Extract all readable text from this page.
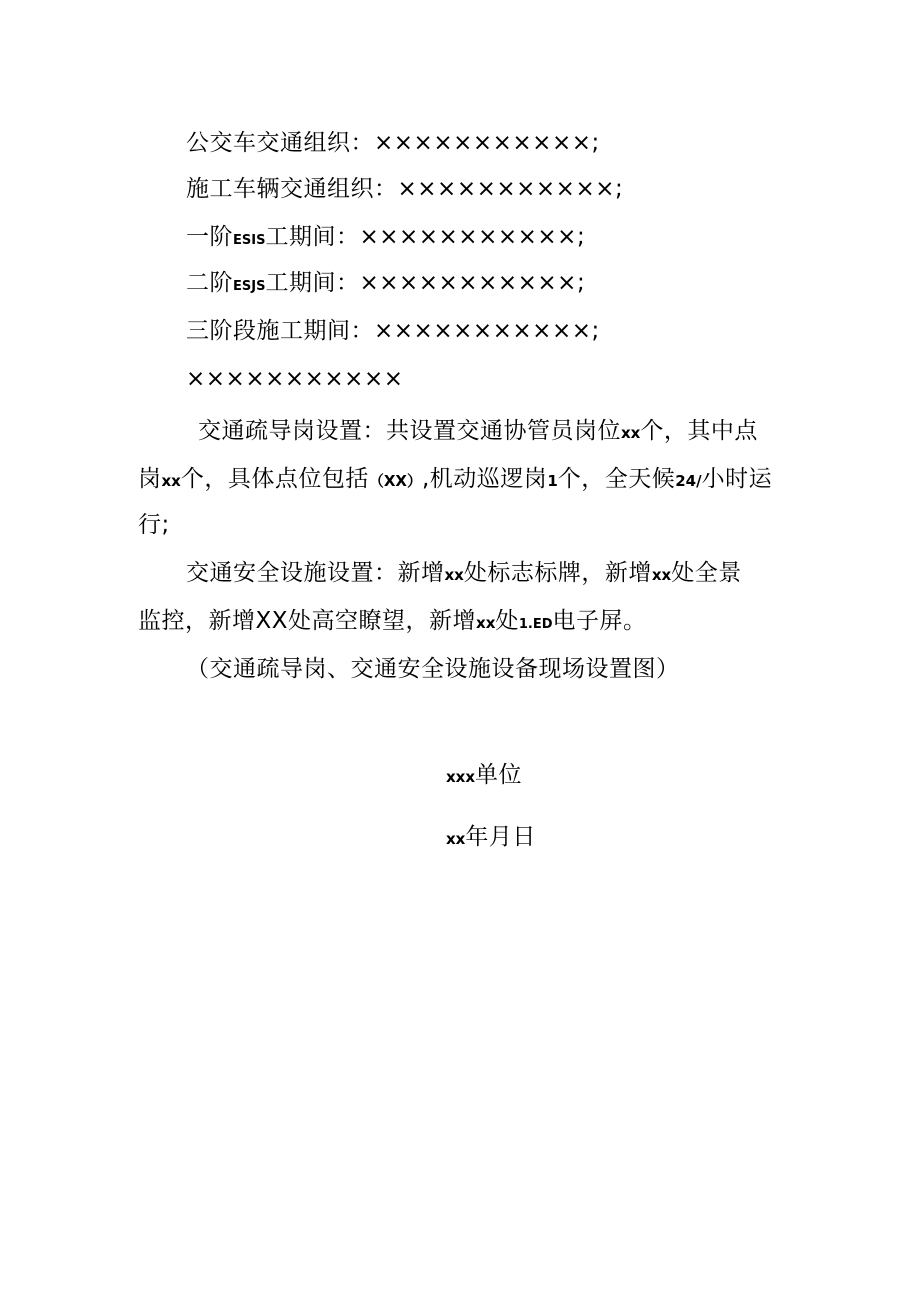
公交车交通组织：×××××××××××;
施工车辆交通组织：×××××××××××;
一阶ESIS工期间：×××××××××××;
二阶ESJS工期间：×××××××××××;
三阶段施工期间：×××××××××××;
×××××××××××
交通疏导岗设置：共设置交通协管员岗位xx个，其中点
岗xx个，具体点位包括（XX）,机动巡逻岗1个，全天候24/小时运
行;
交通安全设施设置：新增xx处标志标牌，新增xx处全景
监控，新增XX处高空瞭望，新增xx处1.ED电子屏。
（交通疏导岗、交通安全设施设备现场设置图）
xxx单位
xx年月日
